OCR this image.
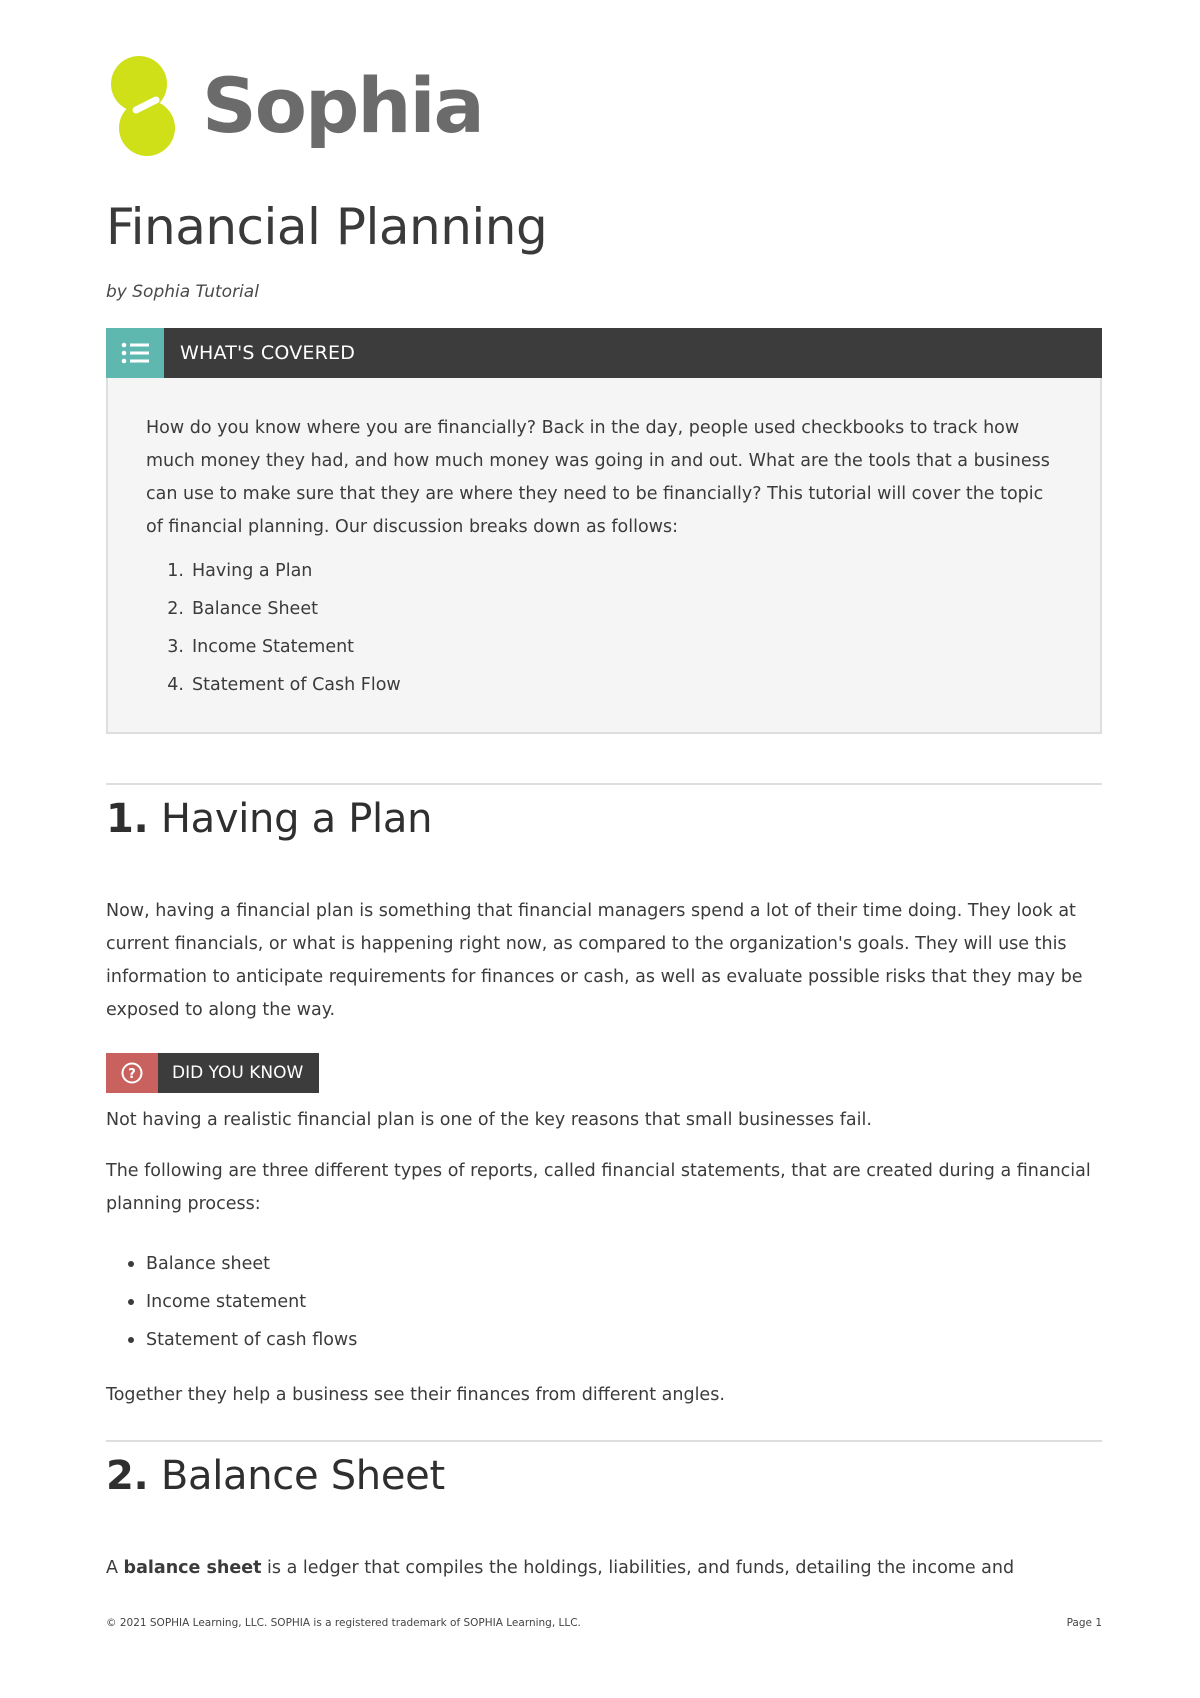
Sophia
Financial Planning
by Sophia Tutorial
WHAT'S COVERED

How do you know where you are financially? Back in the day, people used checkbooks to track how much money they had, and how much money was going in and out. What are the tools that a business can use to make sure that they are where they need to be financially? This tutorial will cover the topic of financial planning. Our discussion breaks down as follows:

1. Having a Plan
2. Balance Sheet
3. Income Statement
4. Statement of Cash Flow
1. Having a Plan

Now, having a financial plan is something that financial managers spend a lot of their time doing. They look at current financials, or what is happening right now, as compared to the organization's goals. They will use this information to anticipate requirements for finances or cash, as well as evaluate possible risks that they may be exposed to along the way.

?	DID YOU KNOW

Not having a realistic financial plan is one of the key reasons that small businesses fail.

The following are three different types of reports, called financial statements, that are created during a financial planning process:

Balance sheet
Income statement
Statement of cash flows

Together they help a business see their finances from different angles.

2. Balance Sheet

A balance sheet is a ledger that compiles the holdings, liabilities, and funds, detailing the income and

© 2021 SOPHIA Learning, LLC. SOPHIA is a registered trademark of SOPHIA Learning, LLC.	Page 1
